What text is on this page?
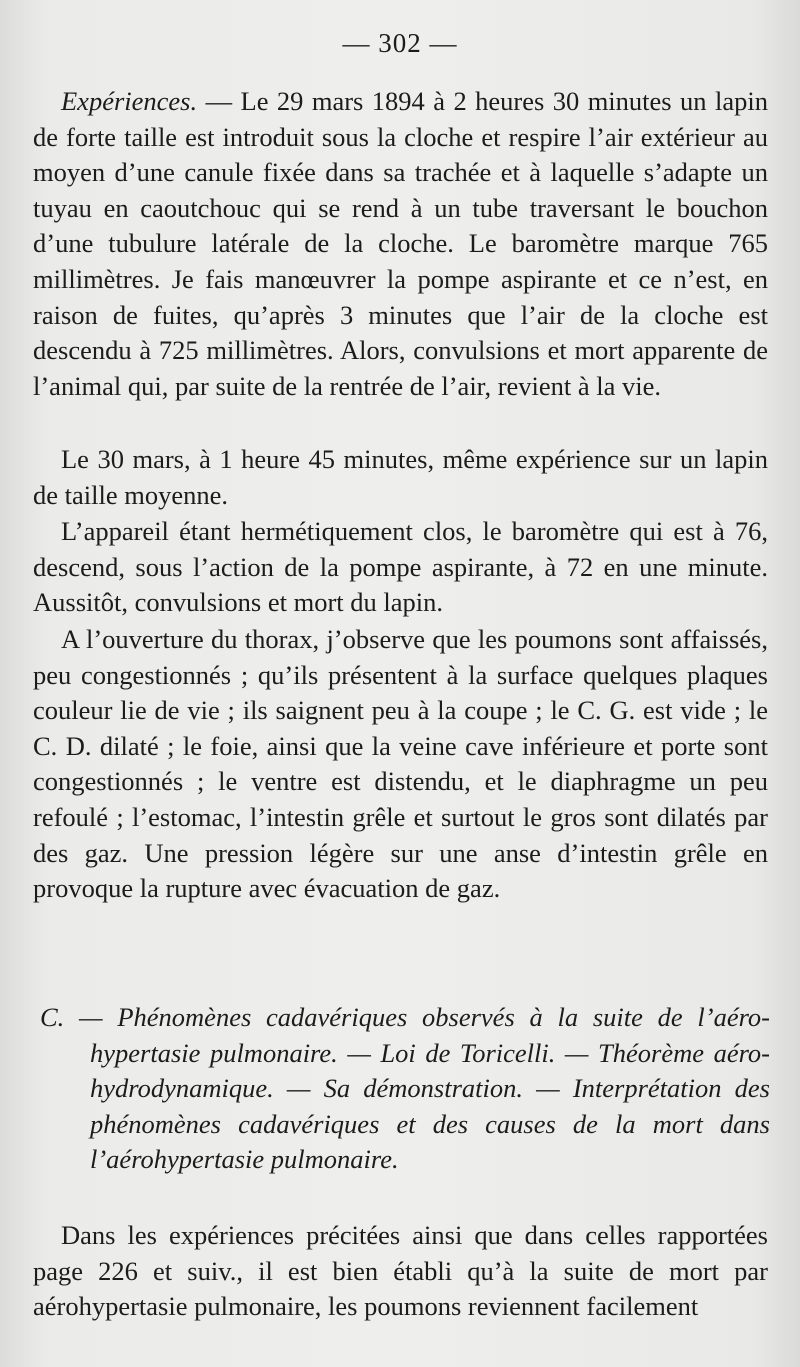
— 302 —

Expériences. — Le 29 mars 1894 à 2 heures 30 minutes un lapin de forte taille est introduit sous la cloche et respire l’air extérieur au moyen d’une canule fixée dans sa trachée et à laquelle s’adapte un tuyau en caoutchouc qui se rend à un tube traversant le bouchon d’une tubulure latérale de la cloche. Le baromètre marque 765 millimètres. Je fais manœuvrer la pompe aspirante et ce n’est, en raison de fuites, qu’après 3 minutes que l’air de la cloche est descendu à 725 millimètres. Alors, convulsions et mort apparente de l’animal qui, par suite de la rentrée de l’air, revient à la vie.

Le 30 mars, à 1 heure 45 minutes, même expérience sur un lapin de taille moyenne.

L’appareil étant hermétiquement clos, le baromètre qui est à 76, descend, sous l’action de la pompe aspirante, à 72 en une minute. Aussitôt, convulsions et mort du lapin.

A l’ouverture du thorax, j’observe que les poumons sont affaissés, peu congestionnés ; qu’ils présentent à la surface quelques plaques couleur lie de vie ; ils saignent peu à la coupe ; le C. G. est vide ; le C. D. dilaté ; le foie, ainsi que la veine cave inférieure et porte sont congestionnés ; le ventre est distendu, et le diaphragme un peu refoulé ; l’estomac, l’intestin grêle et surtout le gros sont dilatés par des gaz. Une pression légère sur une anse d’intestin grêle en provoque la rupture avec évacuation de gaz.

C. — Phénomènes cadavériques observés à la suite de l’aéro-hypertasie pulmonaire. — Loi de Toricelli. — Théorème aéro-hydrodynamique. — Sa démonstration. — Interprétation des phénomènes cadavériques et des causes de la mort dans l’aérohypertasie pulmonaire.

Dans les expériences précitées ainsi que dans celles rapportées page 226 et suiv., il est bien établi qu’à la suite de mort par aérohypertasie pulmonaire, les poumons reviennent facilement
